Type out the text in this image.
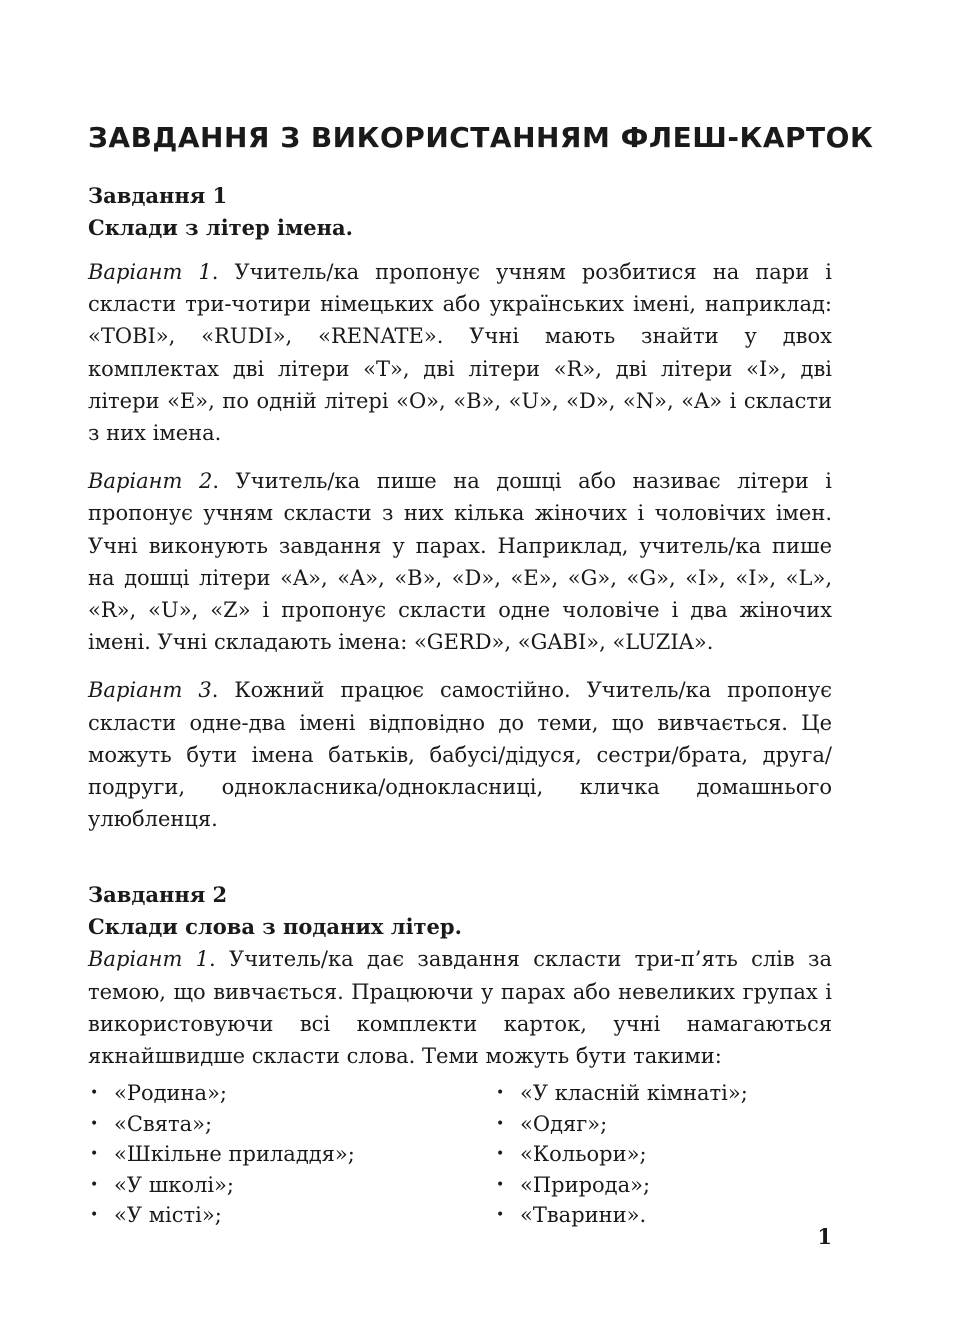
ЗАВДАННЯ З ВИКОРИСТАННЯМ ФЛЕШ-КАРТОК

Завдання 1

Склади з літер імена.

Варіант 1. Учитель/ка пропонує учням розбитися на пари і скласти три-чотири німецьких або українських імені, наприклад: «TOBI», «RUDI», «RENATE». Учні мають знайти у двох комплектах дві літери «T», дві літери «R», дві літери «I», дві літери «E», по одній літері «O», «B», «U», «D», «N», «A» і скласти з них імена.

Варіант 2. Учитель/ка пише на дошці або називає літери і пропонує учням скласти з них кілька жіночих і чоловічих імен. Учні виконують завдання у парах. Наприклад, учитель/ка пише на дошці літери «A», «A», «B», «D», «E», «G», «G», «I», «I», «L», «R», «U», «Z» і пропонує скласти одне чоловіче і два жіночих імені. Учні складають імена: «GERD», «GABI», «LUZIA».

Варіант 3. Кожний працює самостійно. Учитель/ка пропонує скласти одне-два імені відповідно до теми, що вивчається. Це можуть бути імена батьків, бабусі/дідуся, сестри/брата, друга/подруги, однокласника/однокласниці, кличка домашнього улюбленця.

Завдання 2

Склади слова з поданих літер.

Варіант 1. Учитель/ка дає завдання скласти три-п’ять слів за темою, що вивчається. Працюючи у парах або невеликих групах і використовуючи всі комплекти карток, учні намагаються якнайшвидше скласти слова. Теми можуть бути такими:

• «Родина»;
• «Свята»;
• «Шкільне приладдя»;
• «У школі»;
• «У місті»;
• «У класній кімнаті»;
• «Одяг»;
• «Кольори»;
• «Природа»;
• «Тварини».
1
